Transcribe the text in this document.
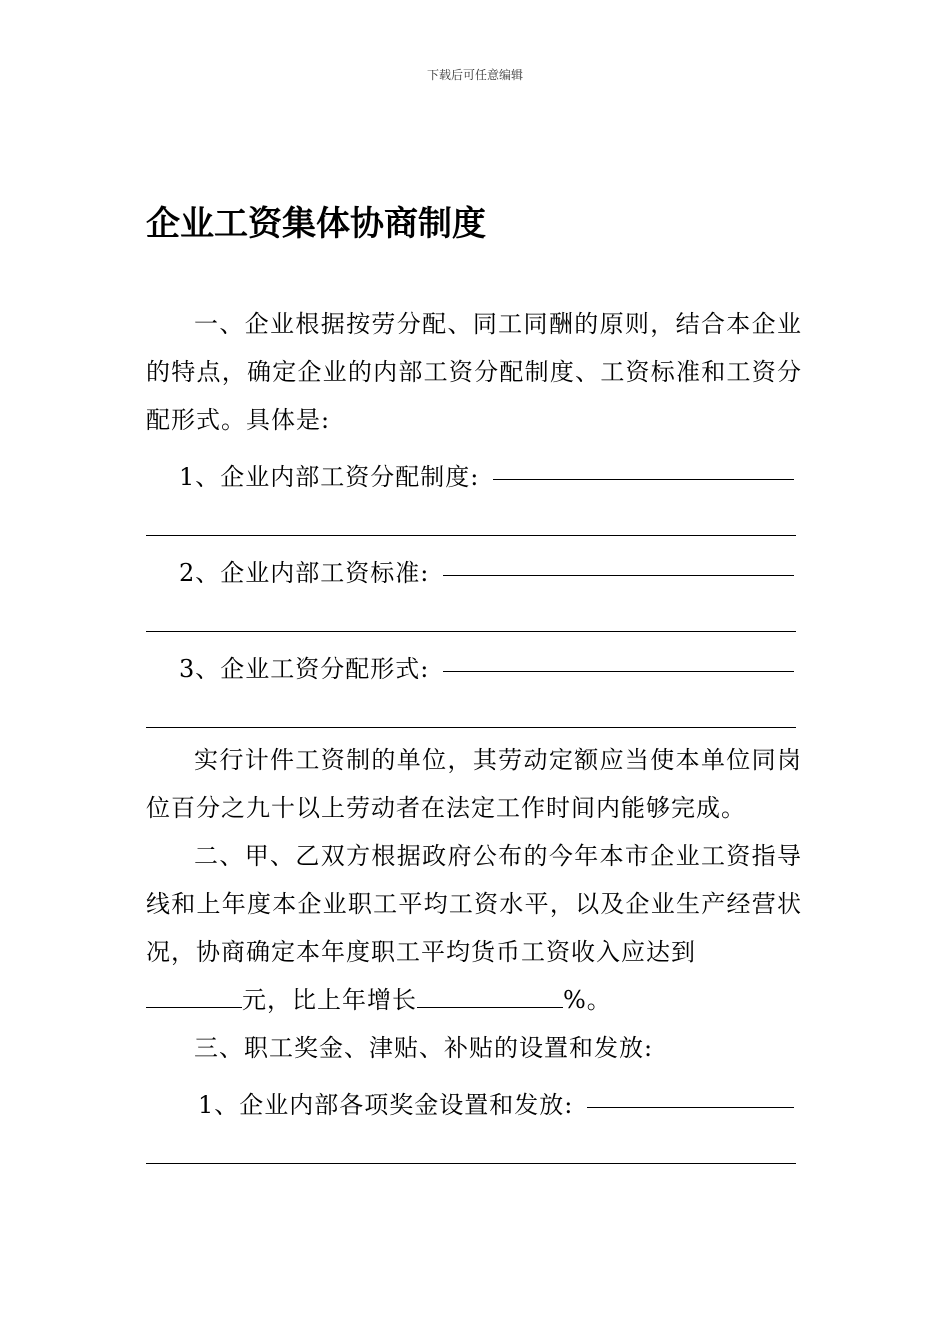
下载后可任意编辑
企业工资集体协商制度

一、企业根据按劳分配、同工同酬的原则，结合本企业的特点，确定企业的内部工资分配制度、工资标准和工资分配形式。具体是:

1、企业内部工资分配制度:
2、企业内部工资标准:
3、企业工资分配形式:

实行计件工资制的单位，其劳动定额应当使本单位同岗位百分之九十以上劳动者在法定工作时间内能够完成。

二、甲、乙双方根据政府公布的今年本市企业工资指导线和上年度本企业职工平均工资水平，以及企业生产经营状况，协商确定本年度职工平均货币工资收入应达到

元，比上年增长	%。

三、职工奖金、津贴、补贴的设置和发放:

1、企业内部各项奖金设置和发放:
